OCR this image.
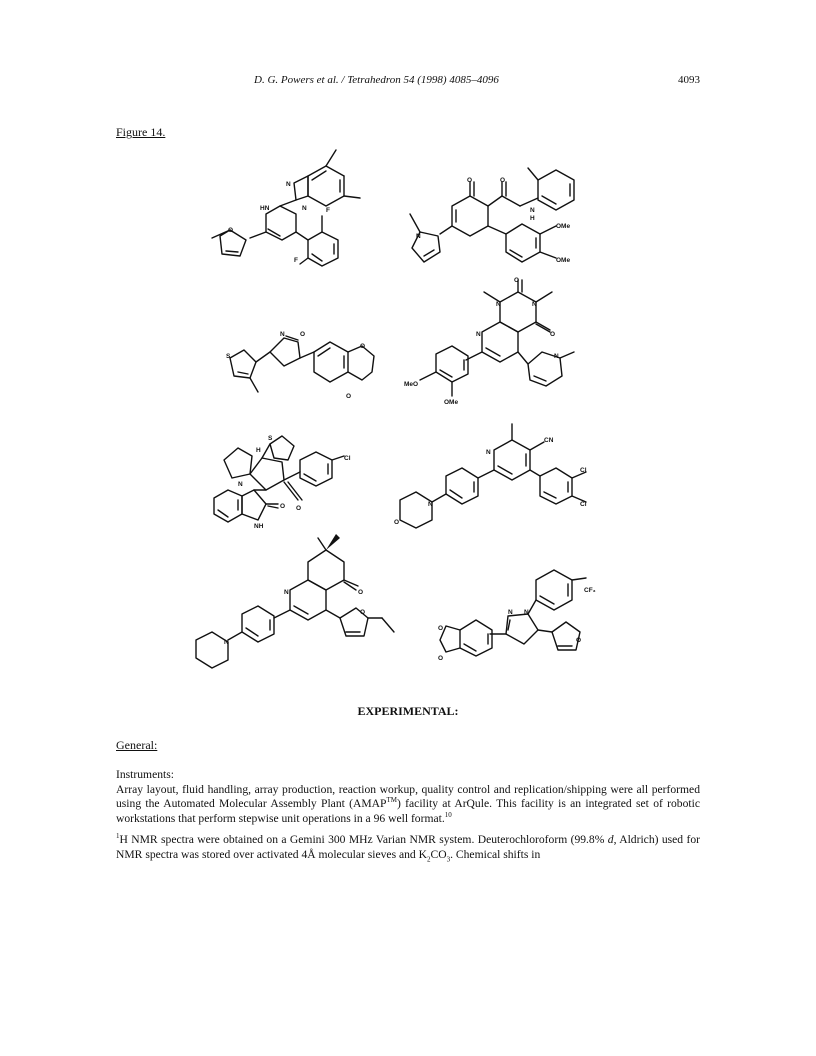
D. G. Powers et al. / Tetrahedron 54 (1998) 4085–4096	4093
Figure 14.
N
N
HN	F
F
O
O	O
N
H
OMe
OMe
N
S
N O
O
O
O
N	N
O
N
N
MeO
OMe
S
H
N
Cl
O O
NH
N
CN
N
O
Cl
Cl
N	O
O
N
CF₃
N N
O
O
O
EXPERIMENTAL:
General:
Instruments:
Array layout, fluid handling, array production, reaction workup, quality control and replication/shipping were all performed using the Automated Molecular Assembly Plant (AMAP™) facility at ArQule. This facility is an integrated set of robotic workstations that perform stepwise unit operations in a 96 well format.$^{10}$
$^1$H NMR spectra were obtained on a Gemini 300 MHz Varian NMR system. Deuterochloroform (99.8% d, Aldrich) used for NMR spectra was stored over activated 4Å molecular sieves and $K_2CO_3$. Chemical shifts in
